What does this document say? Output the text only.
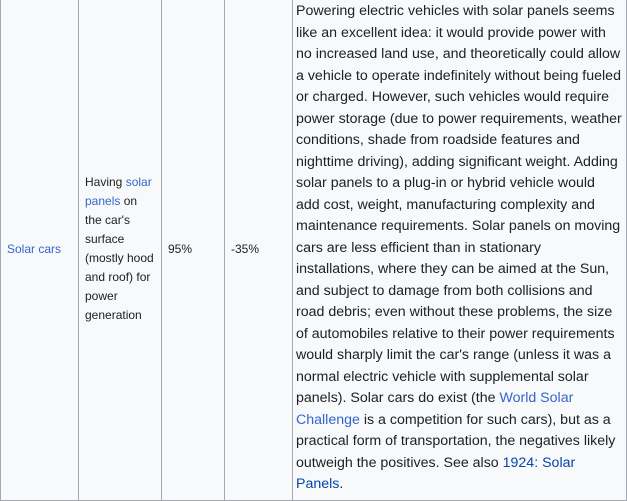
Solar cars	Having solar panels on the car's surface (mostly hood and roof) for power generation	95%	-35%	Powering electric vehicles with solar panels seems like an excellent idea: it would provide power with no increased land use, and theoretically could allow a vehicle to operate indefinitely without being fueled or charged. However, such vehicles would require power storage (due to power requirements, weather conditions, shade from roadside features and nighttime driving), adding significant weight. Adding solar panels to a plug-in or hybrid vehicle would add cost, weight, manufacturing complexity and maintenance requirements. Solar panels on moving cars are less efficient than in stationary installations, where they can be aimed at the Sun, and subject to damage from both collisions and road debris; even without these problems, the size of automobiles relative to their power requirements would sharply limit the car's range (unless it was a normal electric vehicle with supplemental solar panels). Solar cars do exist (the World Solar Challenge is a competition for such cars), but as a practical form of transportation, the negatives likely outweigh the positives. See also 1924: Solar Panels.
